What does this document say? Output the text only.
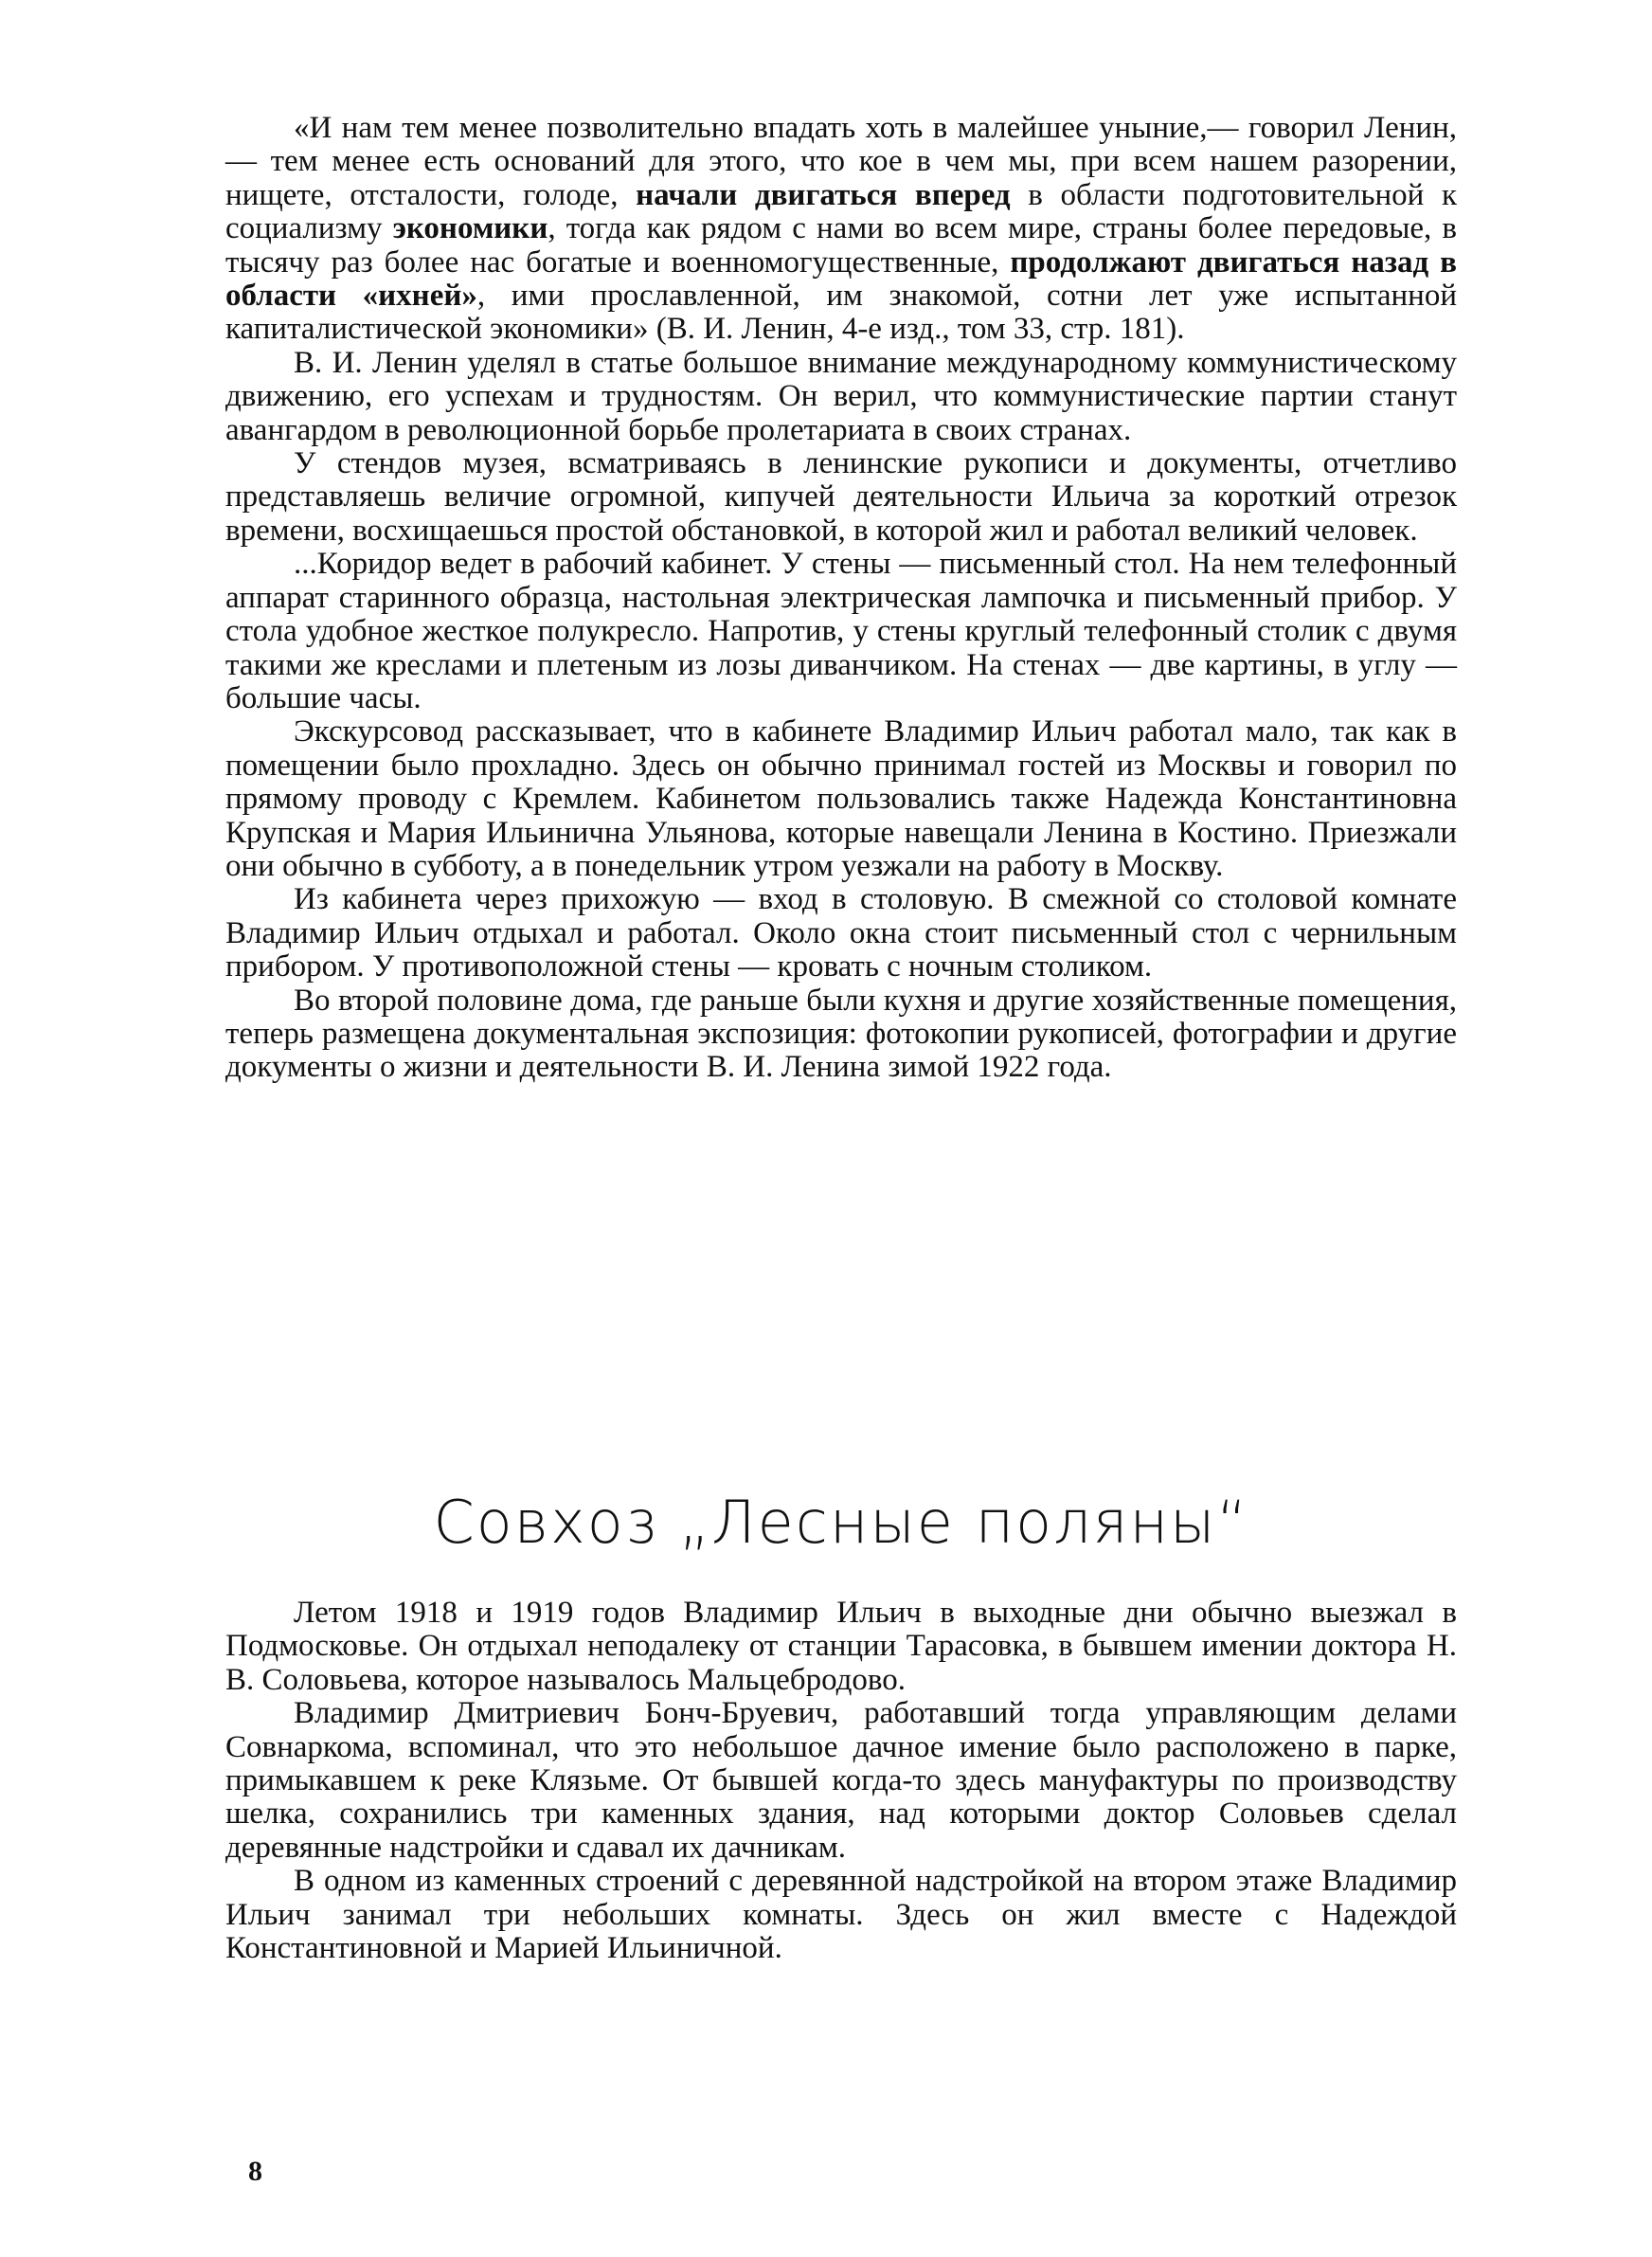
«И нам тем менее позволительно впадать хоть в малейшее уныние,— говорил Ленин,— тем менее есть оснований для этого, что кое в чем мы, при всем нашем разорении, нищете, отсталости, голоде, начали двигаться вперед в области подготовительной к социализму экономики, тогда как рядом с нами во всем мире, страны более передовые, в тысячу раз более нас богатые и военномогущественные, продолжают двигаться назад в области «ихней», ими прославленной, им знакомой, сотни лет уже испытанной капиталистической экономики» (В. И. Ленин, 4-е изд., том 33, стр. 181).

В. И. Ленин уделял в статье большое внимание международному коммунистическому движению, его успехам и трудностям. Он верил, что коммунистические партии станут авангардом в революционной борьбе пролетариата в своих странах.

У стендов музея, всматриваясь в ленинские рукописи и документы, отчетливо представляешь величие огромной, кипучей деятельности Ильича за короткий отрезок времени, восхищаешься простой обстановкой, в которой жил и работал великий человек.

...Коридор ведет в рабочий кабинет. У стены — письменный стол. На нем телефонный аппарат старинного образца, настольная электрическая лампочка и письменный прибор. У стола удобное жесткое полукресло. Напротив, у стены круглый телефонный столик с двумя такими же креслами и плетеным из лозы диванчиком. На стенах — две картины, в углу — большие часы.

Экскурсовод рассказывает, что в кабинете Владимир Ильич работал мало, так как в помещении было прохладно. Здесь он обычно принимал гостей из Москвы и говорил по прямому проводу с Кремлем. Кабинетом пользовались также Надежда Константиновна Крупская и Мария Ильинична Ульянова, которые навещали Ленина в Костино. Приезжали они обычно в субботу, а в понедельник утром уезжали на работу в Москву.

Из кабинета через прихожую — вход в столовую. В смежной со столовой комнате Владимир Ильич отдыхал и работал. Около окна стоит письменный стол с чернильным прибором. У противоположной стены — кровать с ночным столиком.

Во второй половине дома, где раньше были кухня и другие хозяйственные помещения, теперь размещена документальная экспозиция: фотокопии рукописей, фотографии и другие документы о жизни и деятельности В. И. Ленина зимой 1922 года.

Совхоз „Лесные поляны“

Летом 1918 и 1919 годов Владимир Ильич в выходные дни обычно выезжал в Подмосковье. Он отдыхал неподалеку от станции Тарасовка, в бывшем имении доктора Н. В. Соловьева, которое называлось Мальцебродово.

Владимир Дмитриевич Бонч-Бруевич, работавший тогда управляющим делами Совнаркома, вспоминал, что это небольшое дачное имение было расположено в парке, примыкавшем к реке Клязьме. От бывшей когда-то здесь мануфактуры по производству шелка, сохранились три каменных здания, над которыми доктор Соловьев сделал деревянные надстройки и сдавал их дачникам.

В одном из каменных строений с деревянной надстройкой на втором этаже Владимир Ильич занимал три небольших комнаты. Здесь он жил вместе с Надеждой Константиновной и Марией Ильиничной.

8
